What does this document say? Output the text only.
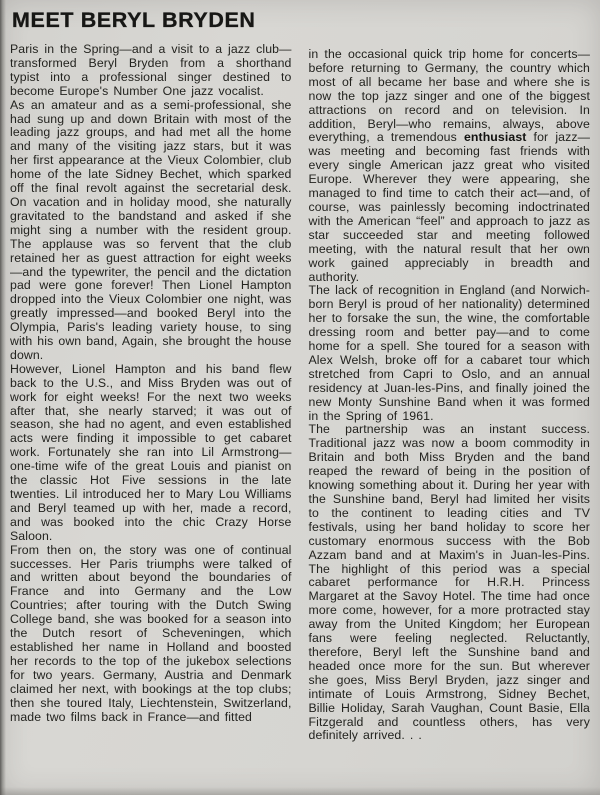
MEET BERYL BRYDEN

Paris in the Spring—and a visit to a jazz club—transformed Beryl Bryden from a shorthand typist into a professional singer destined to become Europe's Number One jazz vocalist.

As an amateur and as a semi-professional, she had sung up and down Britain with most of the leading jazz groups, and had met all the home and many of the visiting jazz stars, but it was her first appearance at the Vieux Colombier, club home of the late Sidney Bechet, which sparked off the final revolt against the secretarial desk. On vacation and in holiday mood, she naturally gravitated to the bandstand and asked if she might sing a number with the resident group. The applause was so fervent that the club retained her as guest attraction for eight weeks—and the typewriter, the pencil and the dictation pad were gone forever! Then Lionel Hampton dropped into the Vieux Colombier one night, was greatly impressed—and booked Beryl into the Olympia, Paris's leading variety house, to sing with his own band, Again, she brought the house down.

However, Lionel Hampton and his band flew back to the U.S., and Miss Bryden was out of work for eight weeks! For the next two weeks after that, she nearly starved; it was out of season, she had no agent, and even established acts were finding it impossible to get cabaret work. Fortunately she ran into Lil Armstrong—one-time wife of the great Louis and pianist on the classic Hot Five sessions in the late twenties. Lil introduced her to Mary Lou Williams and Beryl teamed up with her, made a record, and was booked into the chic Crazy Horse Saloon.

From then on, the story was one of continual successes. Her Paris triumphs were talked of and written about beyond the boundaries of France and into Germany and the Low Countries; after touring with the Dutch Swing College band, she was booked for a season into the Dutch resort of Scheveningen, which established her name in Holland and boosted her records to the top of the jukebox selections for two years. Germany, Austria and Denmark claimed her next, with bookings at the top clubs; then she toured Italy, Liechtenstein, Switzerland, made two films back in France—and fitted

in the occasional quick trip home for concerts—before returning to Germany, the country which most of all became her base and where she is now the top jazz singer and one of the biggest attractions on record and on television. In addition, Beryl—who remains, always, above everything, a tremendous enthusiast for jazz—was meeting and becoming fast friends with every single American jazz great who visited Europe. Wherever they were appearing, she managed to find time to catch their act—and, of course, was painlessly becoming indoctrinated with the American “feel” and approach to jazz as star succeeded star and meeting followed meeting, with the natural result that her own work gained appreciably in breadth and authority.

The lack of recognition in England (and Norwich-born Beryl is proud of her nationality) determined her to forsake the sun, the wine, the comfortable dressing room and better pay—and to come home for a spell. She toured for a season with Alex Welsh, broke off for a cabaret tour which stretched from Capri to Oslo, and an annual residency at Juan-les-Pins, and finally joined the new Monty Sunshine Band when it was formed in the Spring of 1961.

The partnership was an instant success. Traditional jazz was now a boom commodity in Britain and both Miss Bryden and the band reaped the reward of being in the position of knowing something about it. During her year with the Sunshine band, Beryl had limited her visits to the continent to leading cities and TV festivals, using her band holiday to score her customary enormous success with the Bob Azzam band and at Maxim's in Juan-les-Pins. The highlight of this period was a special cabaret performance for H.R.H. Princess Margaret at the Savoy Hotel. The time had once more come, however, for a more protracted stay away from the United Kingdom; her European fans were feeling neglected. Reluctantly, therefore, Beryl left the Sunshine band and headed once more for the sun. But wherever she goes, Miss Beryl Bryden, jazz singer and intimate of Louis Armstrong, Sidney Bechet, Billie Holiday, Sarah Vaughan, Count Basie, Ella Fitzgerald and countless others, has very definitely arrived. . .
